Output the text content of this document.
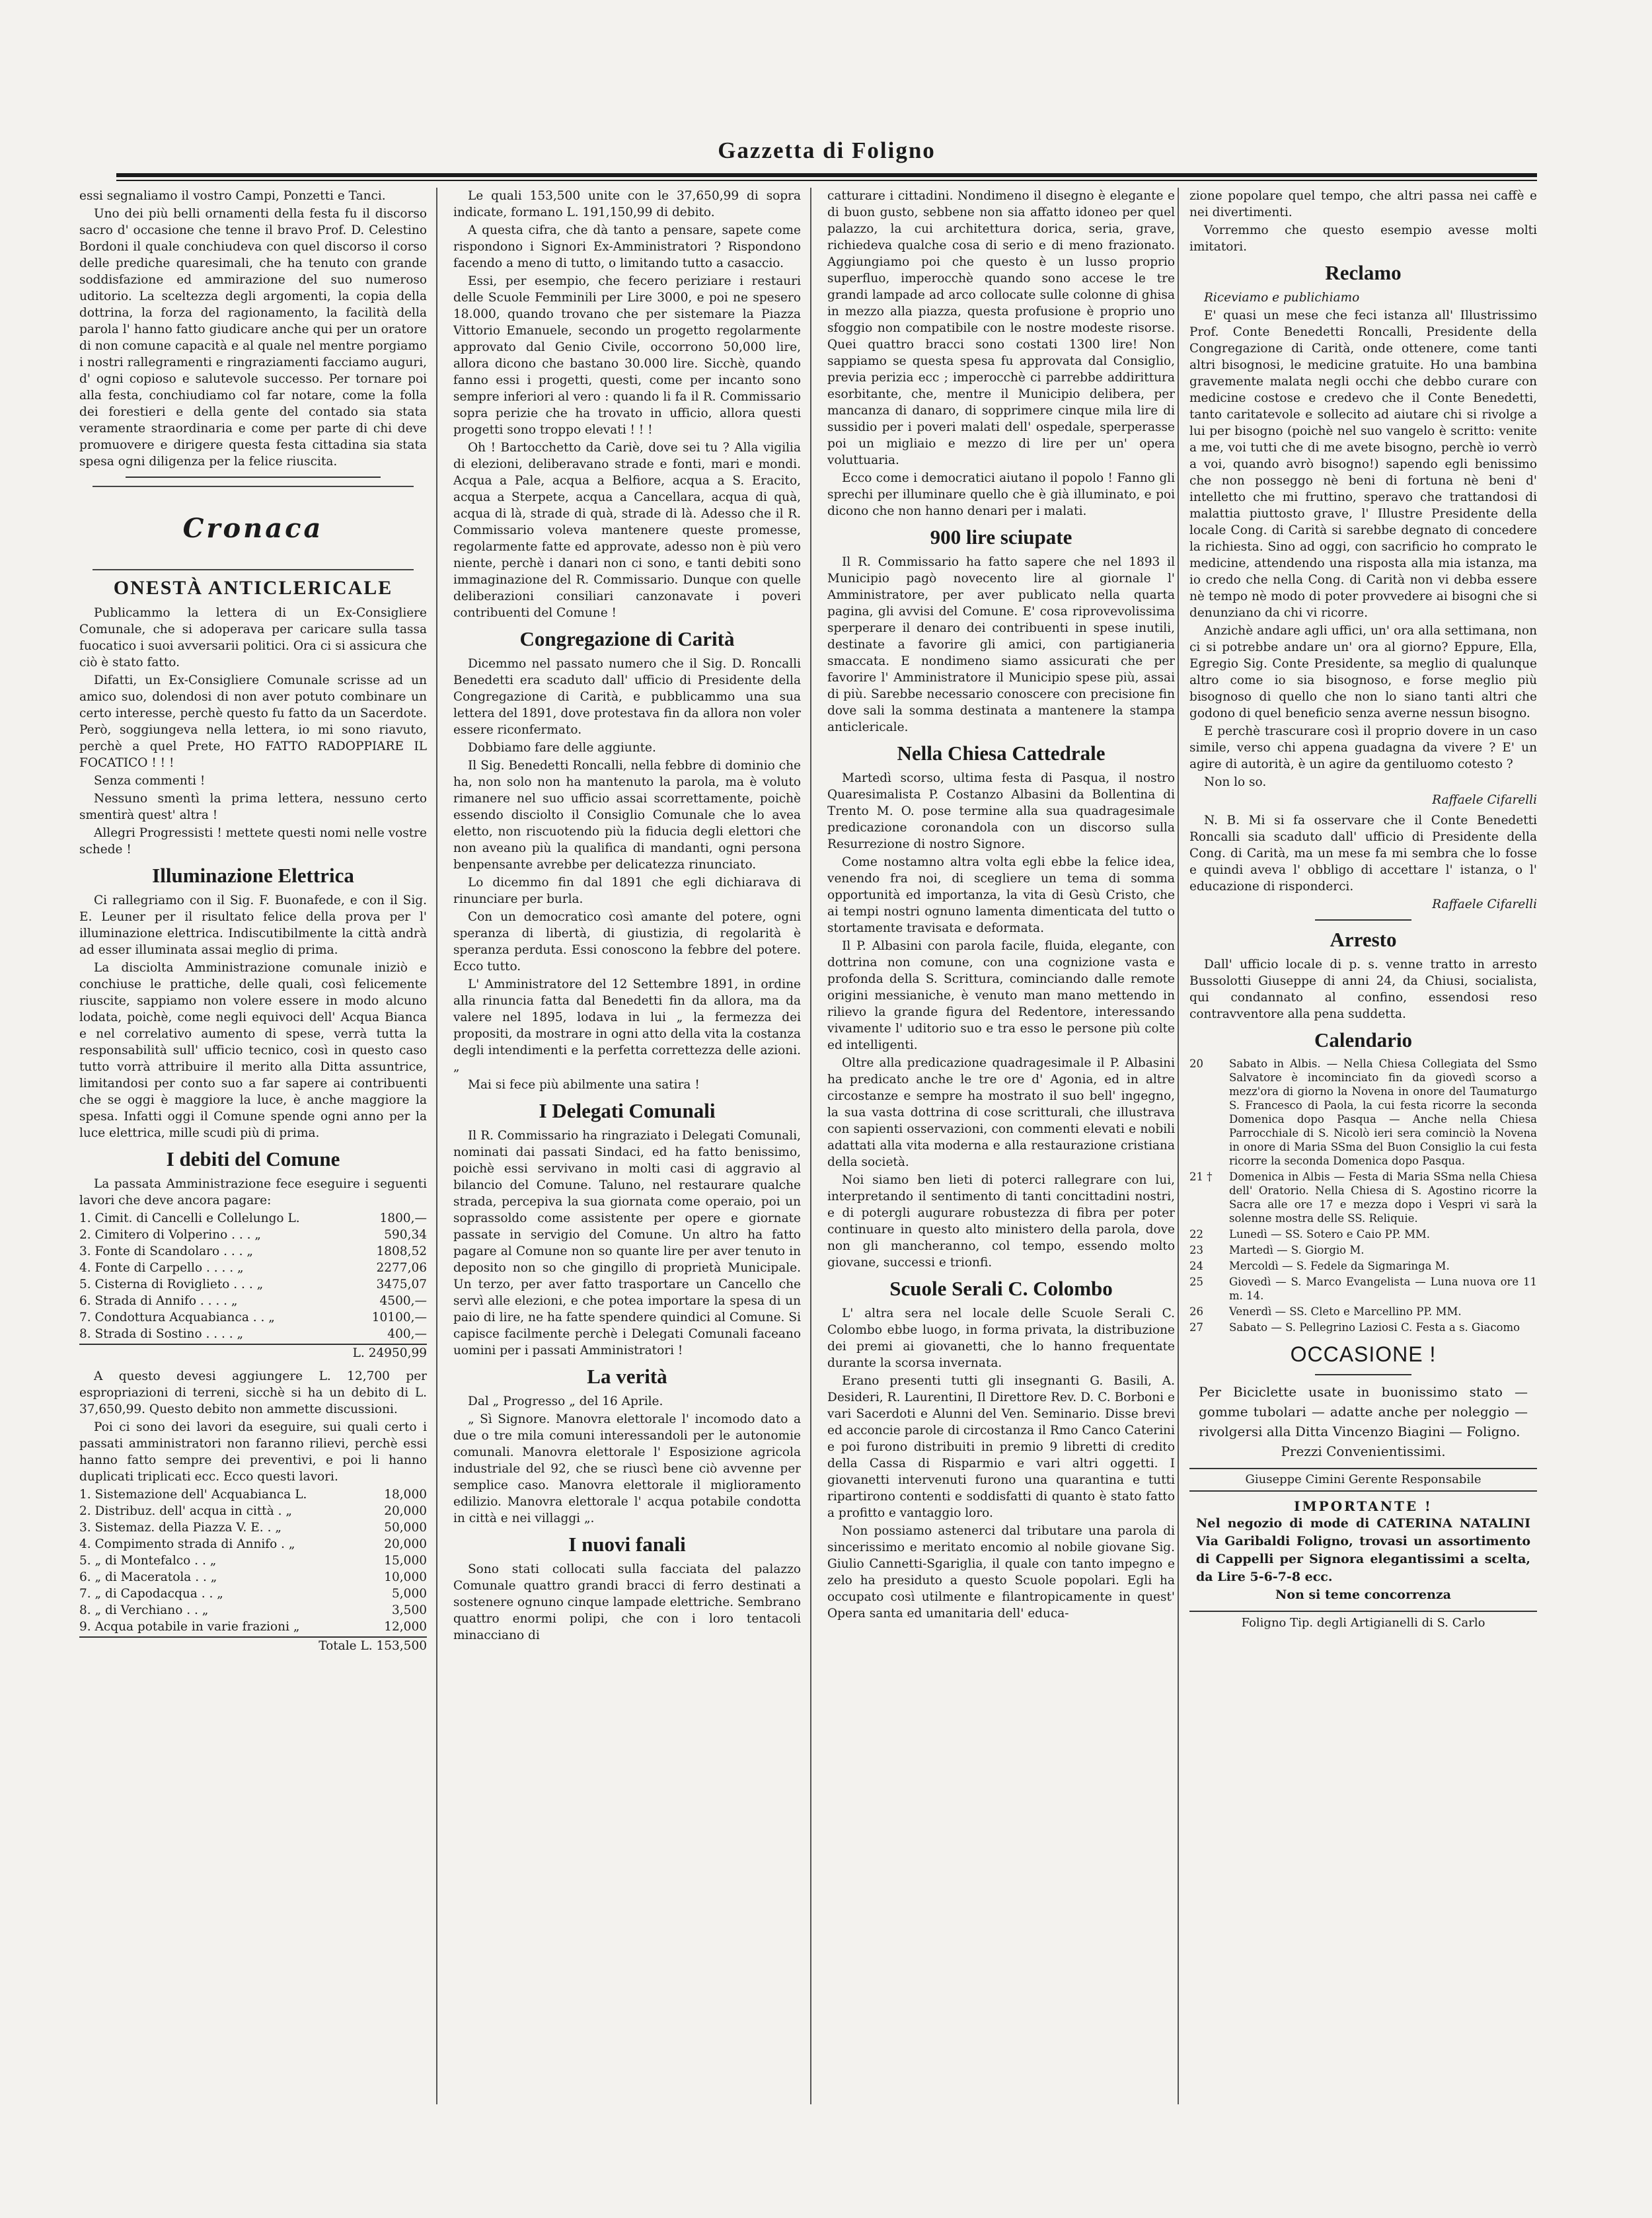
Gazzetta di Foligno

essi segnaliamo il vostro Campi, Ponzetti e Tanci.

Uno dei più belli ornamenti della festa fu il discorso sacro d' occasione che tenne il bravo Prof. D. Celestino Bordoni il quale conchiudeva con quel discorso il corso delle prediche quaresimali, che ha tenuto con grande soddisfazione ed ammirazione del suo numeroso uditorio. La sceltezza degli argomenti, la copia della dottrina, la forza del ragionamento, la facilità della parola l' hanno fatto giudicare anche qui per un oratore di non comune capacità e al quale nel mentre porgiamo i nostri rallegramenti e ringraziamenti facciamo auguri, d' ogni copioso e salutevole successo. Per tornare poi alla festa, conchiudiamo col far notare, come la folla dei forestieri e della gente del contado sia stata veramente straordinaria e come per parte di chi deve promuovere e dirigere questa festa cittadina sia stata spesa ogni diligenza per la felice riuscita.

Cronaca
ONESTÀ ANTICLERICALE

Publicammo la lettera di un Ex-Consigliere Comunale, che si adoperava per caricare sulla tassa fuocatico i suoi avversarii politici. Ora ci si assicura che ciò è stato fatto.

Difatti, un Ex-Consigliere Comunale scrisse ad un amico suo, dolendosi di non aver potuto combinare un certo interesse, perchè questo fu fatto da un Sacerdote. Però, soggiungeva nella lettera, io mi sono riavuto, perchè a quel Prete, HO FATTO RADOPPIARE IL FOCATICO ! ! !

Senza commenti !

Nessuno smentì la prima lettera, nessuno certo smentirà quest' altra !

Allegri Progressisti ! mettete questi nomi nelle vostre schede !

Illuminazione Elettrica

Ci rallegriamo con il Sig. F. Buonafede, e con il Sig. E. Leuner per il risultato felice della prova per l' illuminazione elettrica. Indiscutibilmente la città andrà ad esser illuminata assai meglio di prima.

La disciolta Amministrazione comunale iniziò e conchiuse le prattiche, delle quali, così felicemente riuscite, sappiamo non volere essere in modo alcuno lodata, poichè, come negli equivoci dell' Acqua Bianca e nel correlativo aumento di spese, verrà tutta la responsabilità sull' ufficio tecnico, così in questo caso tutto vorrà attribuire il merito alla Ditta assuntrice, limitandosi per conto suo a far sapere ai contribuenti che se oggi è maggiore la luce, è anche maggiore la spesa. Infatti oggi il Comune spende ogni anno per la luce elettrica, mille scudi più di prima.

I debiti del Comune

La passata Amministrazione fece eseguire i seguenti lavori che deve ancora pagare:

1. Cimit. di Cancelli e Collelungo L.	1800,—
2. Cimitero di Volperino . . . „	590,34
3. Fonte di Scandolaro . . . „	1808,52
4. Fonte di Carpello . . . . „	2277,06
5. Cisterna di Roviglieto . . . „	3475,07
6. Strada di Annifo . . . . „	4500,—
7. Condottura Acquabianca . . „	10100,—
8. Strada di Sostino . . . . „	400,—
L. 24950,99

A questo devesi aggiungere L. 12,700 per espropriazioni di terreni, sicchè si ha un debito di L. 37,650,99. Questo debito non ammette discussioni.

Poi ci sono dei lavori da eseguire, sui quali certo i passati amministratori non faranno rilievi, perchè essi hanno fatto sempre dei preventivi, e poi li hanno duplicati triplicati ecc. Ecco questi lavori.

1. Sistemazione dell' Acquabianca L.	18,000
2. Distribuz. dell' acqua in città . „	20,000
3. Sistemaz. della Piazza V. E. . „	50,000
4. Compimento strada di Annifo . „	20,000
5. „ di Montefalco . . „	15,000
6. „ di Maceratola . . „	10,000
7. „ di Capodacqua . . „	5,000
8. „ di Verchiano . . „	3,500
9. Acqua potabile in varie frazioni „	12,000
Totale L. 153,500

Le quali 153,500 unite con le 37,650,99 di sopra indicate, formano L. 191,150,99 di debito.

A questa cifra, che dà tanto a pensare, sapete come rispondono i Signori Ex-Amministratori ? Rispondono facendo a meno di tutto, o limitando tutto a casaccio.

Essi, per esempio, che fecero periziare i restauri delle Scuole Femminili per Lire 3000, e poi ne spesero 18.000, quando trovano che per sistemare la Piazza Vittorio Emanuele, secondo un progetto regolarmente approvato dal Genio Civile, occorrono 50,000 lire, allora dicono che bastano 30.000 lire. Sicchè, quando fanno essi i progetti, questi, come per incanto sono sempre inferiori al vero : quando li fa il R. Commissario sopra perizie che ha trovato in ufficio, allora questi progetti sono troppo elevati ! ! !

Oh ! Bartocchetto da Cariè, dove sei tu ? Alla vigilia di elezioni, deliberavano strade e fonti, mari e mondi. Acqua a Pale, acqua a Belfiore, acqua a S. Eracito, acqua a Sterpete, acqua a Cancellara, acqua di quà, acqua di là, strade di quà, strade di là. Adesso che il R. Commissario voleva mantenere queste promesse, regolarmente fatte ed approvate, adesso non è più vero niente, perchè i danari non ci sono, e tanti debiti sono immaginazione del R. Commissario. Dunque con quelle deliberazioni consiliari canzonavate i poveri contribuenti del Comune !

Congregazione di Carità

Dicemmo nel passato numero che il Sig. D. Roncalli Benedetti era scaduto dall' ufficio di Presidente della Congregazione di Carità, e pubblicammo una sua lettera del 1891, dove protestava fin da allora non voler essere riconfermato.

Dobbiamo fare delle aggiunte.

Il Sig. Benedetti Roncalli, nella febbre di dominio che ha, non solo non ha mantenuto la parola, ma è voluto rimanere nel suo ufficio assai scorrettamente, poichè essendo disciolto il Consiglio Comunale che lo avea eletto, non riscuotendo più la fiducia degli elettori che non aveano più la qualifica di mandanti, ogni persona benpensante avrebbe per delicatezza rinunciato.

Lo dicemmo fin dal 1891 che egli dichiarava di rinunciare per burla.

Con un democratico così amante del potere, ogni speranza di libertà, di giustizia, di regolarità è speranza perduta. Essi conoscono la febbre del potere. Ecco tutto.

L' Amministratore del 12 Settembre 1891, in ordine alla rinuncia fatta dal Benedetti fin da allora, ma da valere nel 1895, lodava in lui „ la fermezza dei propositi, da mostrare in ogni atto della vita la costanza degli intendimenti e la perfetta correttezza delle azioni. „

Mai si fece più abilmente una satira !

I Delegati Comunali

Il R. Commissario ha ringraziato i Delegati Comunali, nominati dai passati Sindaci, ed ha fatto benissimo, poichè essi servivano in molti casi di aggravio al bilancio del Comune. Taluno, nel restaurare qualche strada, percepiva la sua giornata come operaio, poi un soprassoldo come assistente per opere e giornate passate in servigio del Comune. Un altro ha fatto pagare al Comune non so quante lire per aver tenuto in deposito non so che gingillo di proprietà Municipale. Un terzo, per aver fatto trasportare un Cancello che servì alle elezioni, e che potea importare la spesa di un paio di lire, ne ha fatte spendere quindici al Comune. Si capisce facilmente perchè i Delegati Comunali faceano uomini per i passati Amministratori !

La verità

Dal „ Progresso „ del 16 Aprile.

„ Sì Signore. Manovra elettorale l' incomodo dato a due o tre mila comuni interessandoli per le autonomie comunali. Manovra elettorale l' Esposizione agricola industriale del 92, che se riuscì bene ciò avvenne per semplice caso. Manovra elettorale il miglioramento edilizio. Manovra elettorale l' acqua potabile condotta in città e nei villaggi „.

I nuovi fanali

Sono stati collocati sulla facciata del palazzo Comunale quattro grandi bracci di ferro destinati a sostenere ognuno cinque lampade elettriche. Sembrano quattro enormi polipi, che con i loro tentacoli minacciano di

catturare i cittadini. Nondimeno il disegno è elegante e di buon gusto, sebbene non sia affatto idoneo per quel palazzo, la cui architettura dorica, seria, grave, richiedeva qualche cosa di serio e di meno frazionato. Aggiungiamo poi che questo è un lusso proprio superfluo, imperocchè quando sono accese le tre grandi lampade ad arco collocate sulle colonne di ghisa in mezzo alla piazza, questa profusione è proprio uno sfoggio non compatibile con le nostre modeste risorse. Quei quattro bracci sono costati 1300 lire! Non sappiamo se questa spesa fu approvata dal Consiglio, previa perizia ecc ; imperocchè ci parrebbe addirittura esorbitante, che, mentre il Municipio delibera, per mancanza di danaro, di sopprimere cinque mila lire di sussidio per i poveri malati dell' ospedale, sperperasse poi un migliaio e mezzo di lire per un' opera voluttuaria.

Ecco come i democratici aiutano il popolo ! Fanno gli sprechi per illuminare quello che è già illuminato, e poi dicono che non hanno denari per i malati.

900 lire sciupate

Il R. Commissario ha fatto sapere che nel 1893 il Municipio pagò novecento lire al giornale l' Amministratore, per aver publicato nella quarta pagina, gli avvisi del Comune. E' cosa riprovevolissima sperperare il denaro dei contribuenti in spese inutili, destinate a favorire gli amici, con partigianeria smaccata. E nondimeno siamo assicurati che per favorire l' Amministratore il Municipio spese più, assai di più. Sarebbe necessario conoscere con precisione fin dove sali la somma destinata a mantenere la stampa anticlericale.

Nella Chiesa Cattedrale

Martedì scorso, ultima festa di Pasqua, il nostro Quaresimalista P. Costanzo Albasini da Bollentina di Trento M. O. pose termine alla sua quadragesimale predicazione coronandola con un discorso sulla Resurrezione di nostro Signore.

Come nostamno altra volta egli ebbe la felice idea, venendo fra noi, di scegliere un tema di somma opportunità ed importanza, la vita di Gesù Cristo, che ai tempi nostri ognuno lamenta dimenticata del tutto o stortamente travisata e deformata.

Il P. Albasini con parola facile, fluida, elegante, con dottrina non comune, con una cognizione vasta e profonda della S. Scrittura, cominciando dalle remote origini messianiche, è venuto man mano mettendo in rilievo la grande figura del Redentore, interessando vivamente l' uditorio suo e tra esso le persone più colte ed intelligenti.

Oltre alla predicazione quadragesimale il P. Albasini ha predicato anche le tre ore d' Agonia, ed in altre circostanze e sempre ha mostrato il suo bell' ingegno, la sua vasta dottrina di cose scritturali, che illustrava con sapienti osservazioni, con commenti elevati e nobili adattati alla vita moderna e alla restaurazione cristiana della società.

Noi siamo ben lieti di poterci rallegrare con lui, interpretando il sentimento di tanti concittadini nostri, e di potergli augurare robustezza di fibra per poter continuare in questo alto ministero della parola, dove non gli mancheranno, col tempo, essendo molto giovane, successi e trionfi.

Scuole Serali C. Colombo

L' altra sera nel locale delle Scuole Serali C. Colombo ebbe luogo, in forma privata, la distribuzione dei premi ai giovanetti, che lo hanno frequentate durante la scorsa invernata.

Erano presenti tutti gli insegnanti G. Basili, A. Desideri, R. Laurentini, Il Direttore Rev. D. C. Borboni e vari Sacerdoti e Alunni del Ven. Seminario. Disse brevi ed acconcie parole di circostanza il Rmo Canco Caterini e poi furono distribuiti in premio 9 libretti di credito della Cassa di Risparmio e vari altri oggetti. I giovanetti intervenuti furono una quarantina e tutti ripartirono contenti e soddisfatti di quanto è stato fatto a profitto e vantaggio loro.

Non possiamo astenerci dal tributare una parola di sincerissimo e meritato encomio al nobile giovane Sig. Giulio Cannetti-Sgariglia, il quale con tanto impegno e zelo ha presiduto a questo Scuole popolari. Egli ha occupato così utilmente e filantropicamente in quest' Opera santa ed umanitaria dell' educa-

zione popolare quel tempo, che altri passa nei caffè e nei divertimenti.

Vorremmo che questo esempio avesse molti imitatori.

Reclamo

Riceviamo e publichiamo

E' quasi un mese che feci istanza all' Illustrissimo Prof. Conte Benedetti Roncalli, Presidente della Congregazione di Carità, onde ottenere, come tanti altri bisognosi, le medicine gratuite. Ho una bambina gravemente malata negli occhi che debbo curare con medicine costose e credevo che il Conte Benedetti, tanto caritatevole e sollecito ad aiutare chi si rivolge a lui per bisogno (poichè nel suo vangelo è scritto: venite a me, voi tutti che di me avete bisogno, perchè io verrò a voi, quando avrò bisogno!) sapendo egli benissimo che non posseggo nè beni di fortuna nè beni d' intelletto che mi fruttino, speravo che trattandosi di malattia piuttosto grave, l' Illustre Presidente della locale Cong. di Carità si sarebbe degnato di concedere la richiesta. Sino ad oggi, con sacrificio ho comprato le medicine, attendendo una risposta alla mia istanza, ma io credo che nella Cong. di Carità non vi debba essere nè tempo nè modo di poter provvedere ai bisogni che si denunziano da chi vi ricorre.

Anzichè andare agli uffici, un' ora alla settimana, non ci si potrebbe andare un' ora al giorno? Eppure, Ella, Egregio Sig. Conte Presidente, sa meglio di qualunque altro come io sia bisognoso, e forse meglio più bisognoso di quello che non lo siano tanti altri che godono di quel beneficio senza averne nessun bisogno.

E perchè trascurare così il proprio dovere in un caso simile, verso chi appena guadagna da vivere ? E' un agire di autorità, è un agire da gentiluomo cotesto ?

Non lo so.

Raffaele Cifarelli

N. B. Mi si fa osservare che il Conte Benedetti Roncalli sia scaduto dall' ufficio di Presidente della Cong. di Carità, ma un mese fa mi sembra che lo fosse e quindi aveva l' obbligo di accettare l' istanza, o l' educazione di risponderci.

Raffaele Cifarelli
Arresto

Dall' ufficio locale di p. s. venne tratto in arresto Bussolotti Giuseppe di anni 24, da Chiusi, socialista, qui condannato al confino, essendosi reso contravventore alla pena suddetta.

Calendario
20	Sabato in Albis. — Nella Chiesa Collegiata del Ssmo Salvatore è incominciato fin da giovedì scorso a mezz'ora di giorno la Novena in onore del Taumaturgo S. Francesco di Paola, la cui festa ricorre la seconda Domenica dopo Pasqua — Anche nella Chiesa Parrocchiale di S. Nicolò ieri sera cominciò la Novena in onore di Maria SSma del Buon Consiglio la cui festa ricorre la seconda Domenica dopo Pasqua.
21 †	Domenica in Albis — Festa di Maria SSma nella Chiesa dell' Oratorio. Nella Chiesa di S. Agostino ricorre la Sacra alle ore 17 e mezza dopo i Vespri vi sarà la solenne mostra delle SS. Reliquie.
22	Lunedì — SS. Sotero e Caio PP. MM.
23	Martedì — S. Giorgio M.
24	Mercoldì — S. Fedele da Sigmaringa M.
25	Giovedì — S. Marco Evangelista — Luna nuova ore 11 m. 14.
26	Venerdì — SS. Cleto e Marcellino PP. MM.
27	Sabato — S. Pellegrino Laziosi C. Festa a s. Giacomo
OCCASIONE !
Per Biciclette usate in buonissimo stato — gomme tubolari — adatte anche per noleggio — rivolgersi alla Ditta Vincenzo Biagini — Foligno.
Prezzi Convenientissimi.
Giuseppe Cimini Gerente Responsabile
IMPORTANTE !
Nel negozio di mode di CATERINA NATALINI Via Garibaldi Foligno, trovasi un assortimento di Cappelli per Signora elegantissimi a scelta, da Lire 5-6-7-8 ecc.
Non si teme concorrenza
Foligno Tip. degli Artigianelli di S. Carlo
